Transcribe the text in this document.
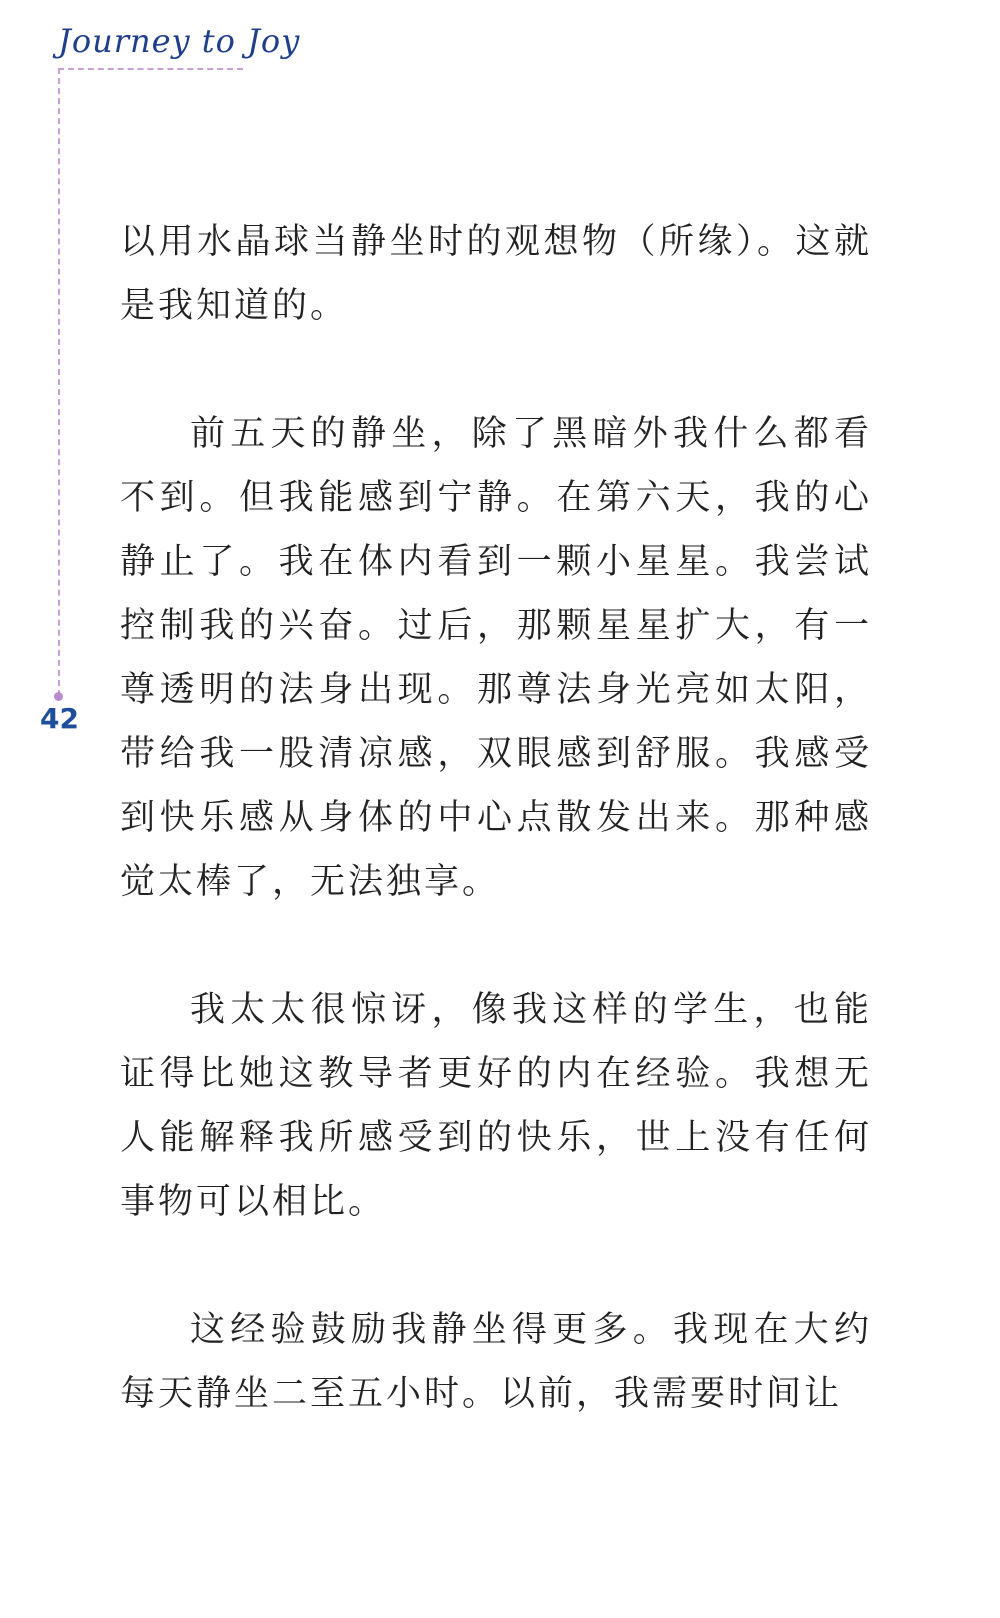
Journey to Joy
42

以用水晶球当静坐时的观想物（所缘）。这就是我知道的。

前五天的静坐，除了黑暗外我什么都看不到。但我能感到宁静。在第六天，我的心静止了。我在体内看到一颗小星星。我尝试控制我的兴奋。过后，那颗星星扩大，有一尊透明的法身出现。那尊法身光亮如太阳，带给我一股清凉感，双眼感到舒服。我感受到快乐感从身体的中心点散发出来。那种感觉太棒了，无法独享。

我太太很惊讶，像我这样的学生，也能证得比她这教导者更好的内在经验。我想无人能解释我所感受到的快乐，世上没有任何事物可以相比。

这经验鼓励我静坐得更多。我现在大约每天静坐二至五小时。以前，我需要时间让
